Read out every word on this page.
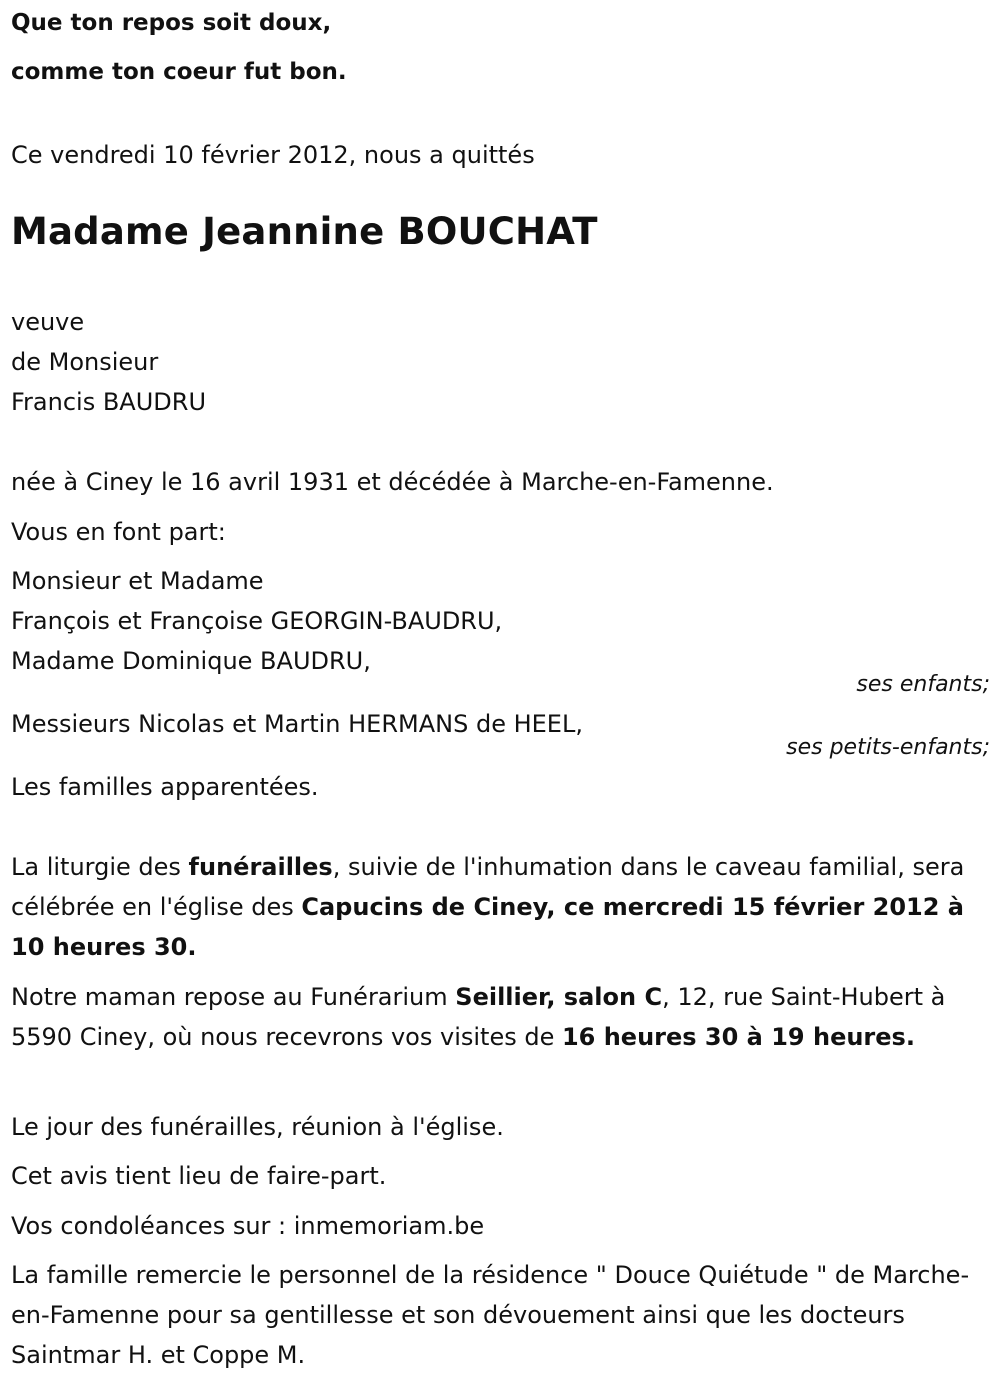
Que ton repos soit doux,
comme ton coeur fut bon.
Ce vendredi 10 février 2012, nous a quittés
Madame Jeannine BOUCHAT
veuve
de Monsieur
Francis BAUDRU
née à Ciney le 16 avril 1931 et décédée à Marche-en-Famenne.
Vous en font part:
Monsieur et Madame
François et Françoise GEORGIN-BAUDRU,
Madame Dominique BAUDRU,
ses enfants;
Messieurs Nicolas et Martin HERMANS de HEEL,
ses petits-enfants;
Les familles apparentées.
La liturgie des funérailles, suivie de l'inhumation dans le caveau familial, sera célébrée en l'église des Capucins de Ciney, ce mercredi 15 février 2012 à 10 heures 30.
Notre maman repose au Funérarium Seillier, salon C, 12, rue Saint-Hubert à 5590 Ciney, où nous recevrons vos visites de 16 heures 30 à 19 heures.
Le jour des funérailles, réunion à l'église.
Cet avis tient lieu de faire-part.
Vos condoléances sur : inmemoriam.be
La famille remercie le personnel de la résidence " Douce Quiétude " de Marche-en-Famenne pour sa gentillesse et son dévouement ainsi que les docteurs Saintmar H. et Coppe M.
